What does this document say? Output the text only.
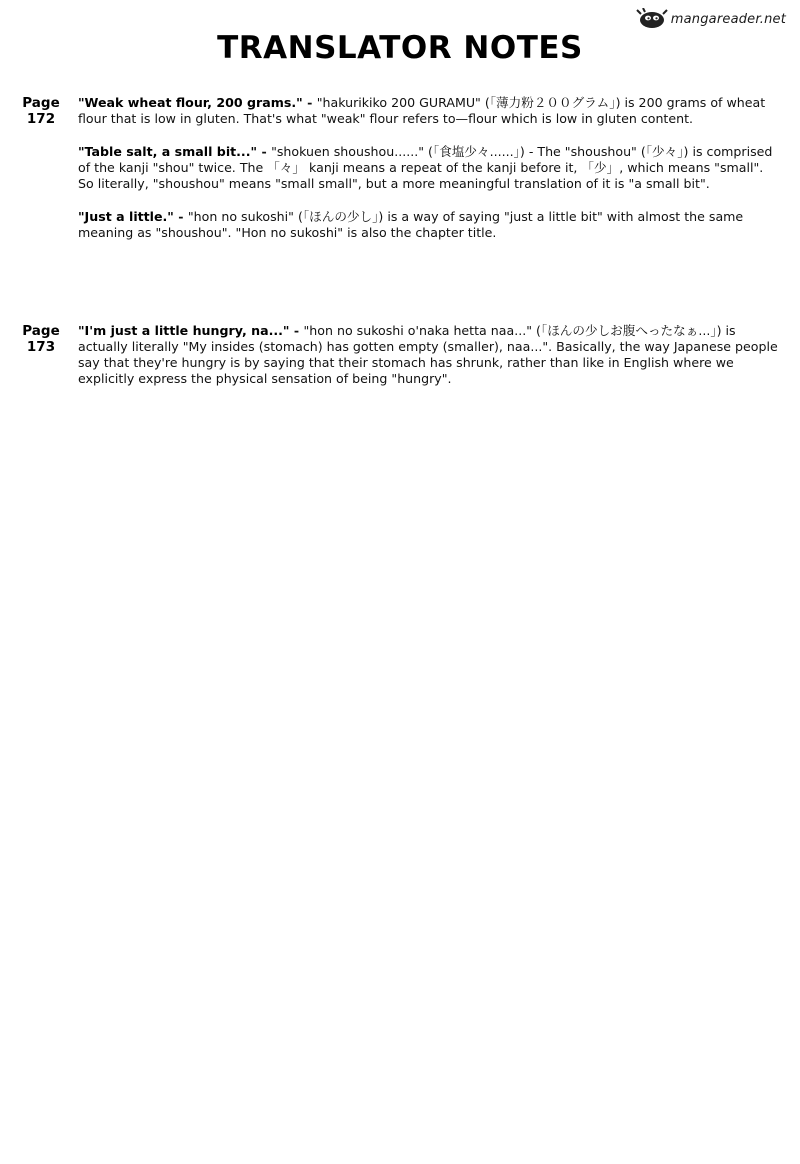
mangareader.net
TRANSLATOR NOTES
Page
172

"Weak wheat flour, 200 grams." - "hakurikiko 200 GURAMU" (「薄力粉２００グラム」) is 200 grams of wheat flour that is low in gluten. That's what "weak" flour refers to—flour which is low in gluten content.

"Table salt, a small bit..." - "shokuen shoushou......" (「食塩少々......」) - The "shoushou" (「少々」) is comprised of the kanji "shou" twice. The 「々」 kanji means a repeat of the kanji before it, 「少」, which means "small". So literally, "shoushou" means "small small", but a more meaningful translation of it is "a small bit".

"Just a little." - "hon no sukoshi" (「ほんの少し」) is a way of saying "just a little bit" with almost the same meaning as "shoushou". "Hon no sukoshi" is also the chapter title.

Page
173

"I'm just a little hungry, na..." - "hon no sukoshi o'naka hetta naa..." (「ほんの少しお腹へったなぁ...」) is actually literally "My insides (stomach) has gotten empty (smaller), naa...". Basically, the way Japanese people say that they're hungry is by saying that their stomach has shrunk, rather than like in English where we explicitly express the physical sensation of being "hungry".
